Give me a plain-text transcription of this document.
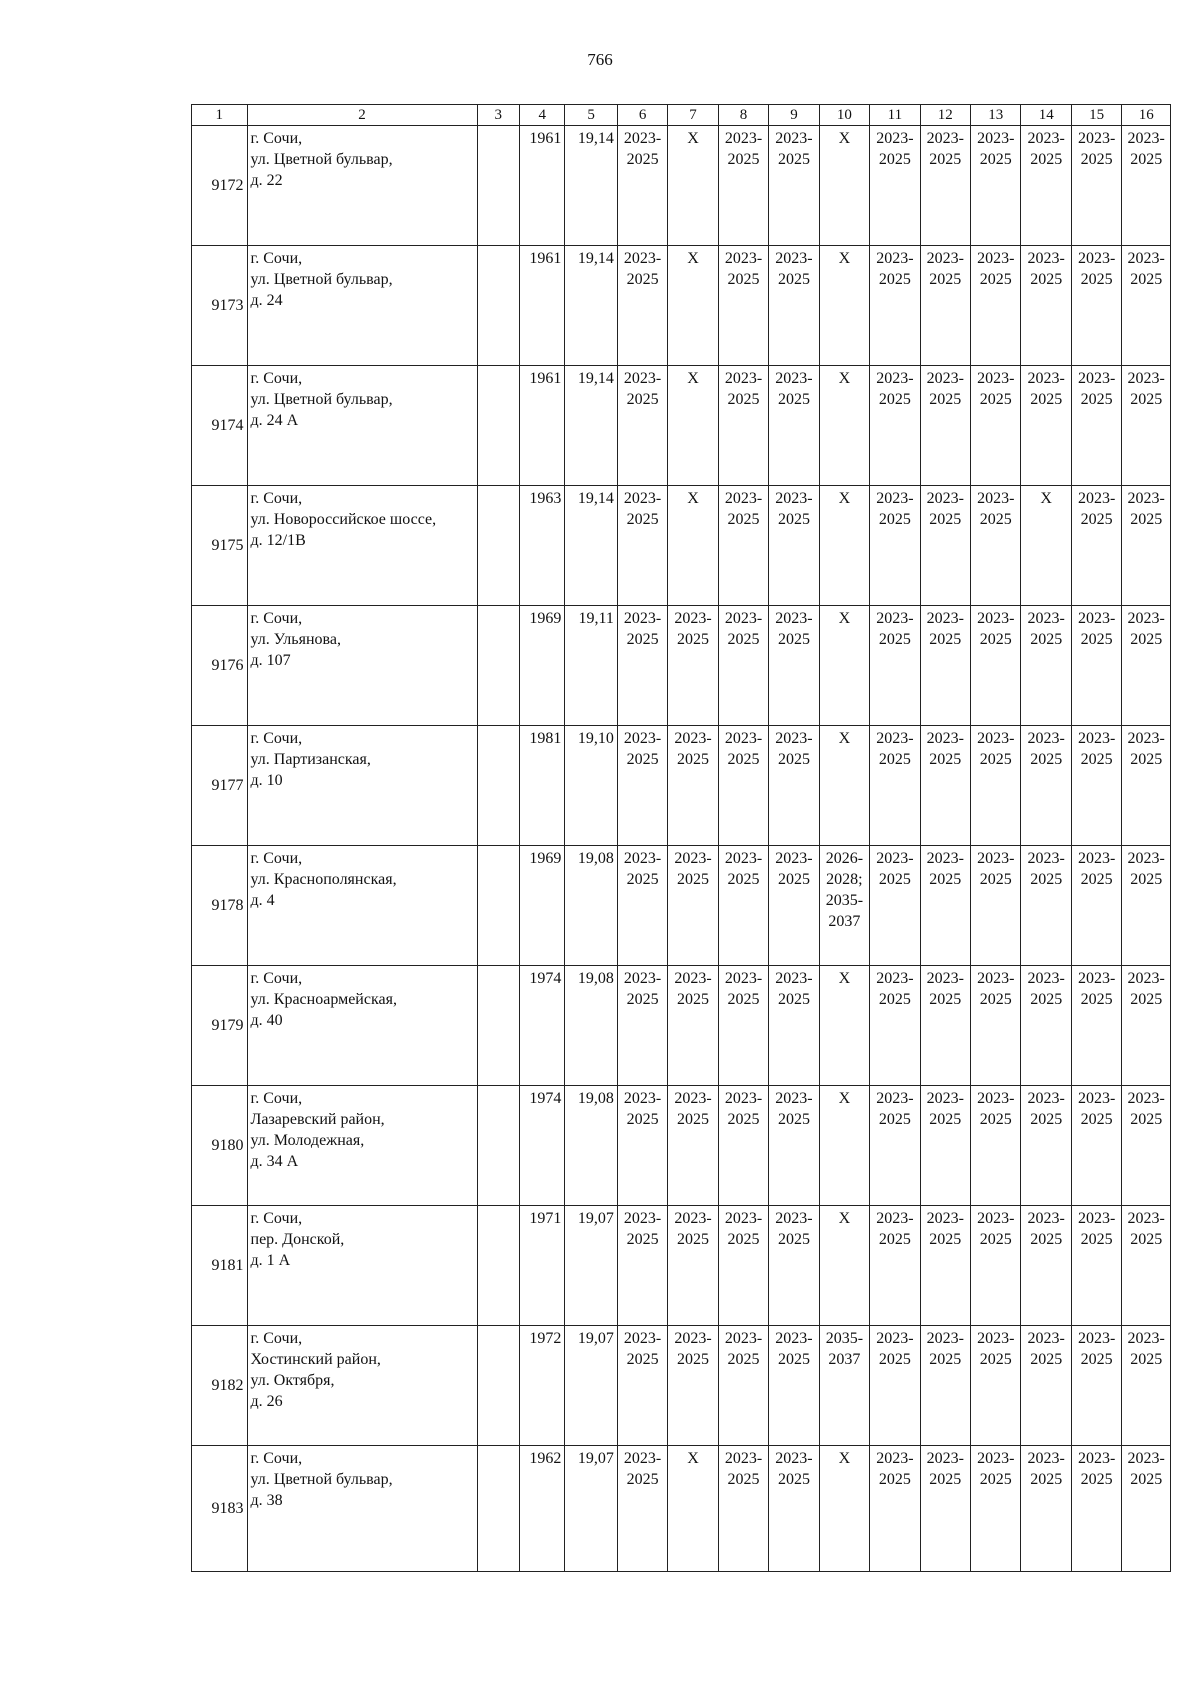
766
1	2	3	4	5	6	7	8	9	10	11	12	13	14	15	16
9172	г. Сочи,
ул. Цветной бульвар,
д. 22		1961	19,14	2023-
2025	X	2023-
2025	2023-
2025	X	2023-
2025	2023-
2025	2023-
2025	2023-
2025	2023-
2025	2023-
2025
9173	г. Сочи,
ул. Цветной бульвар,
д. 24		1961	19,14	2023-
2025	X	2023-
2025	2023-
2025	X	2023-
2025	2023-
2025	2023-
2025	2023-
2025	2023-
2025	2023-
2025
9174	г. Сочи,
ул. Цветной бульвар,
д. 24 А		1961	19,14	2023-
2025	X	2023-
2025	2023-
2025	X	2023-
2025	2023-
2025	2023-
2025	2023-
2025	2023-
2025	2023-
2025
9175	г. Сочи,
ул. Новороссийское шоссе,
д. 12/1В		1963	19,14	2023-
2025	X	2023-
2025	2023-
2025	X	2023-
2025	2023-
2025	2023-
2025	X	2023-
2025	2023-
2025
9176	г. Сочи,
ул. Ульянова,
д. 107		1969	19,11	2023-
2025	2023-
2025	2023-
2025	2023-
2025	X	2023-
2025	2023-
2025	2023-
2025	2023-
2025	2023-
2025	2023-
2025
9177	г. Сочи,
ул. Партизанская,
д. 10		1981	19,10	2023-
2025	2023-
2025	2023-
2025	2023-
2025	X	2023-
2025	2023-
2025	2023-
2025	2023-
2025	2023-
2025	2023-
2025
9178	г. Сочи,
ул. Краснополянская,
д. 4		1969	19,08	2023-
2025	2023-
2025	2023-
2025	2023-
2025	2026-
2028;
2035-
2037	2023-
2025	2023-
2025	2023-
2025	2023-
2025	2023-
2025	2023-
2025
9179	г. Сочи,
ул. Красноармейская,
д. 40		1974	19,08	2023-
2025	2023-
2025	2023-
2025	2023-
2025	X	2023-
2025	2023-
2025	2023-
2025	2023-
2025	2023-
2025	2023-
2025
9180	г. Сочи,
Лазаревский район,
ул. Молодежная,
д. 34 А		1974	19,08	2023-
2025	2023-
2025	2023-
2025	2023-
2025	X	2023-
2025	2023-
2025	2023-
2025	2023-
2025	2023-
2025	2023-
2025
9181	г. Сочи,
пер. Донской,
д. 1 А		1971	19,07	2023-
2025	2023-
2025	2023-
2025	2023-
2025	X	2023-
2025	2023-
2025	2023-
2025	2023-
2025	2023-
2025	2023-
2025
9182	г. Сочи,
Хостинский район,
ул. Октября,
д. 26		1972	19,07	2023-
2025	2023-
2025	2023-
2025	2023-
2025	2035-
2037	2023-
2025	2023-
2025	2023-
2025	2023-
2025	2023-
2025	2023-
2025
9183	г. Сочи,
ул. Цветной бульвар,
д. 38		1962	19,07	2023-
2025	X	2023-
2025	2023-
2025	X	2023-
2025	2023-
2025	2023-
2025	2023-
2025	2023-
2025	2023-
2025
